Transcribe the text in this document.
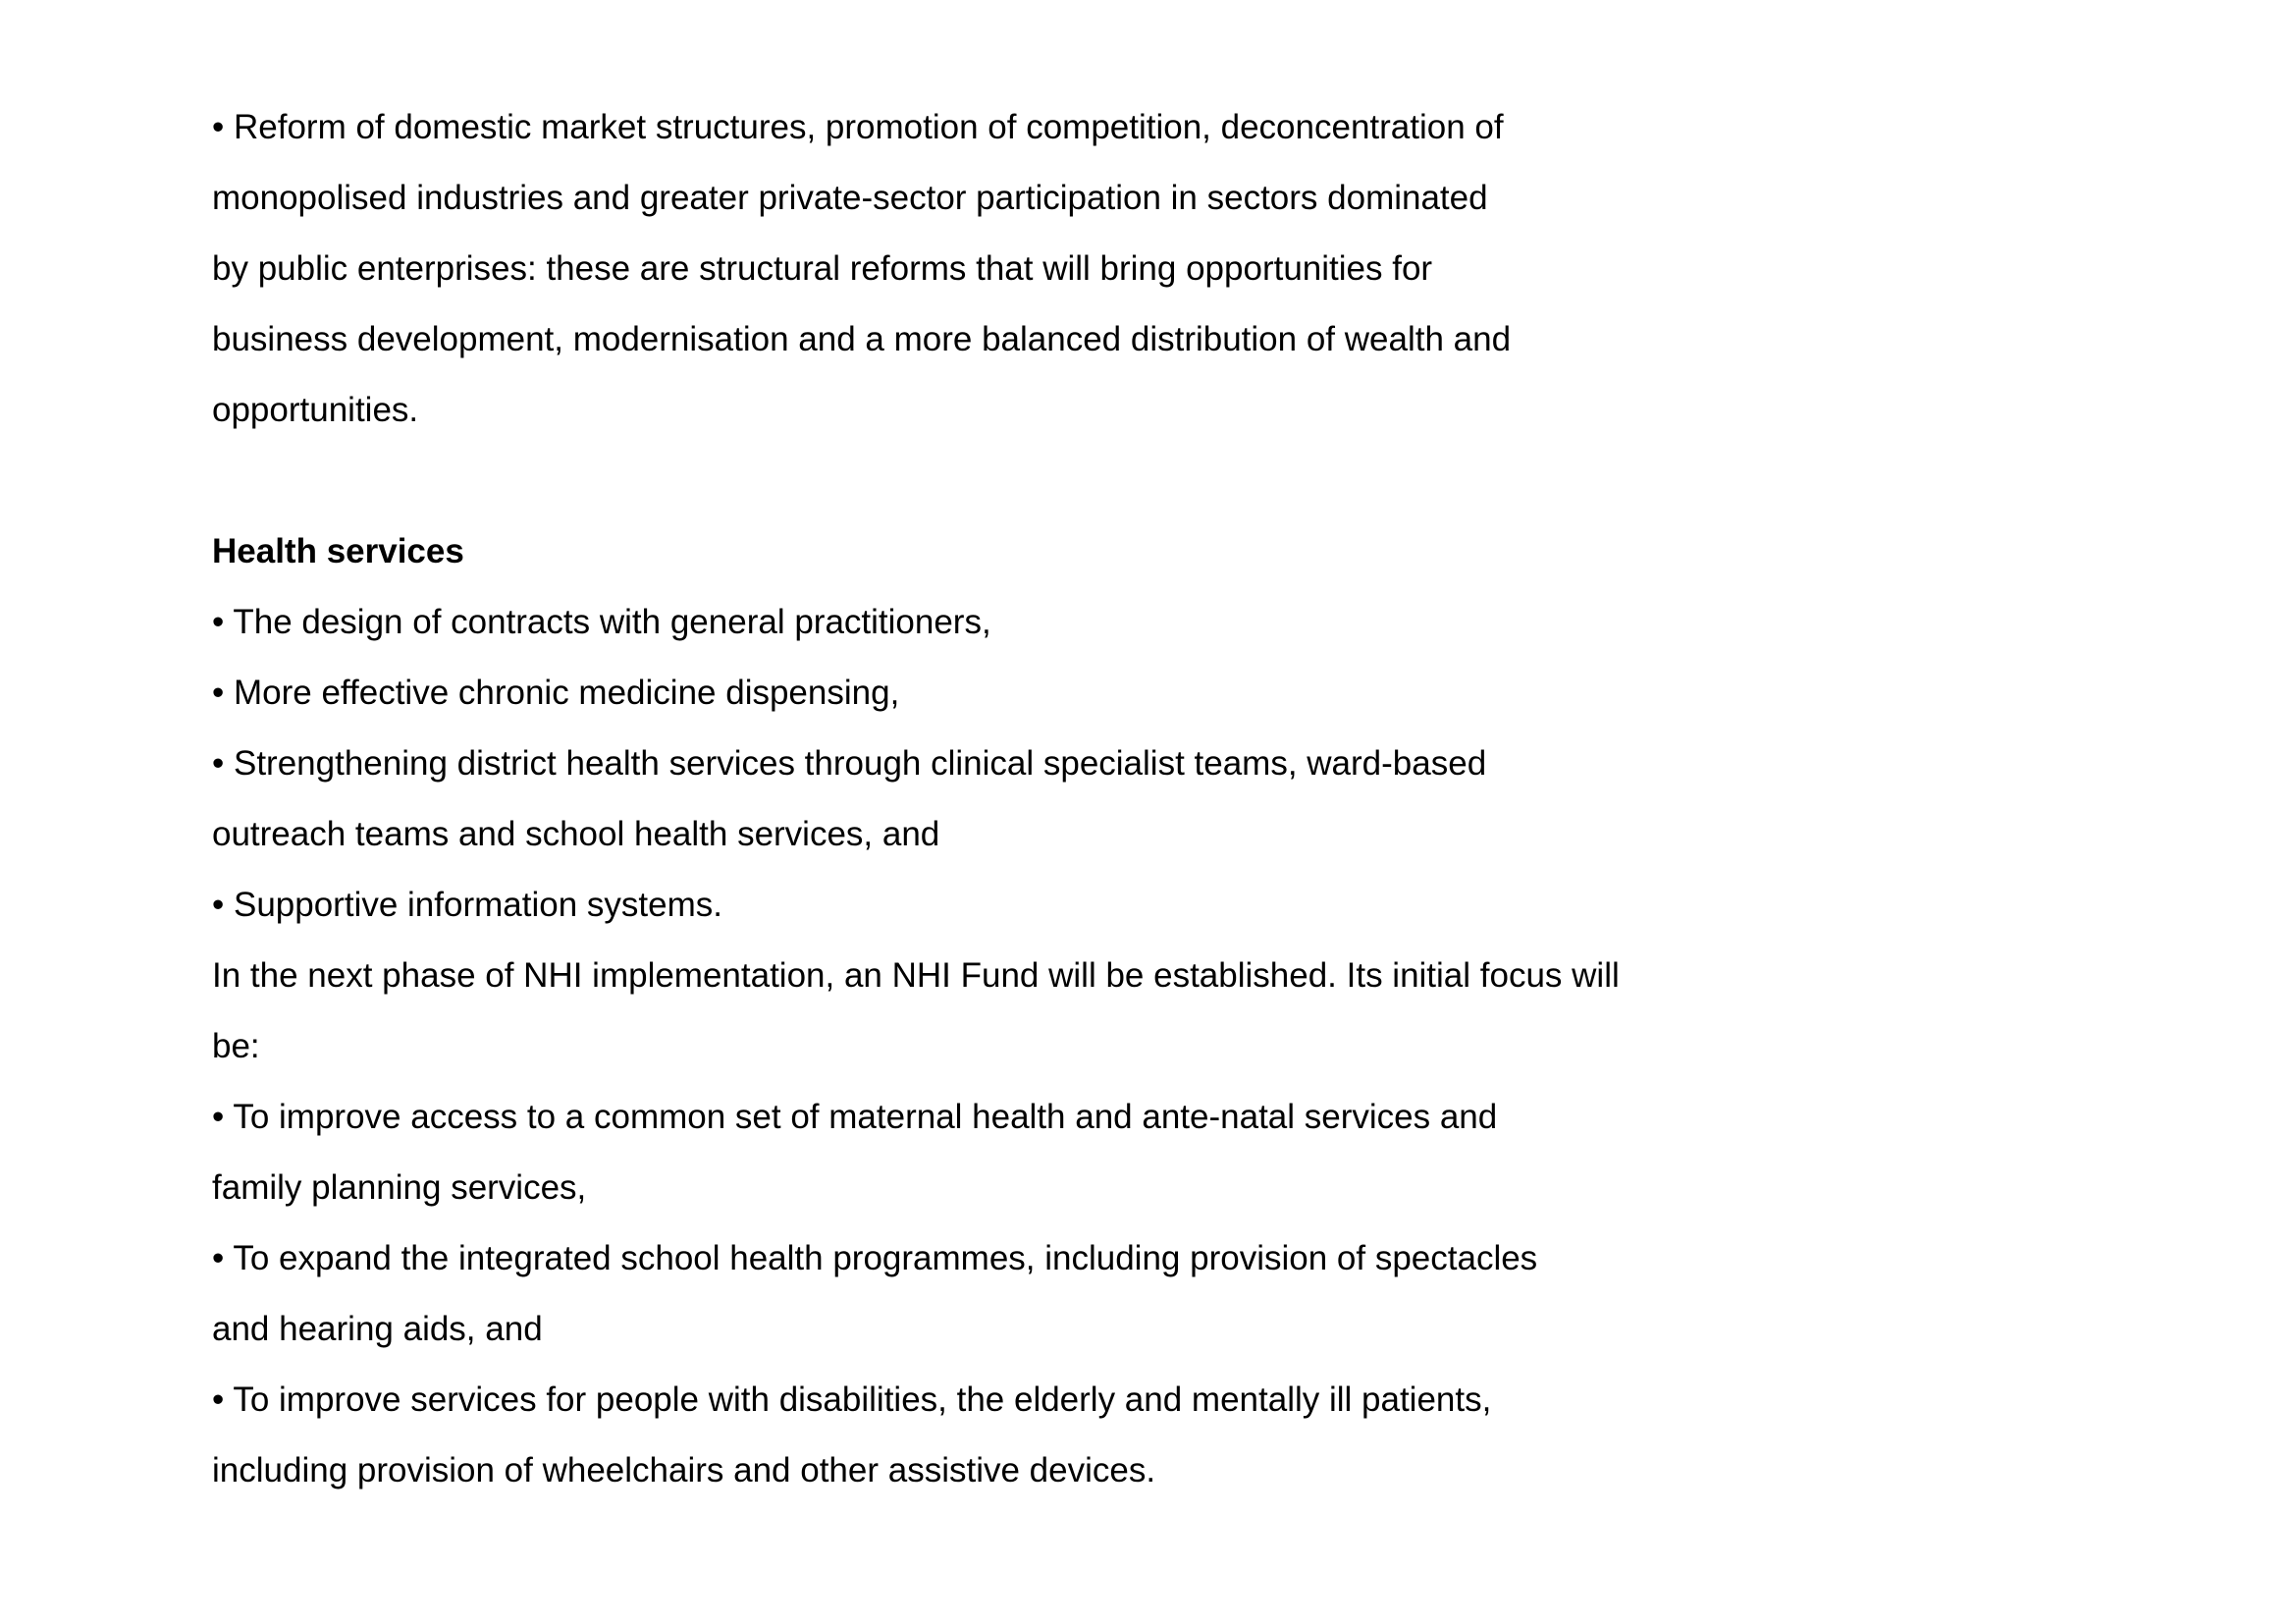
• Reform of domestic market structures, promotion of competition, deconcentration of
monopolised industries and greater private-sector participation in sectors dominated
by public enterprises: these are structural reforms that will bring opportunities for
business development, modernisation and a more balanced distribution of wealth and
opportunities.
Health services
• The design of contracts with general practitioners,
• More effective chronic medicine dispensing,
• Strengthening district health services through clinical specialist teams, ward-based
outreach teams and school health services, and
• Supportive information systems.
In the next phase of NHI implementation, an NHI Fund will be established. Its initial focus will
be:
• To improve access to a common set of maternal health and ante-natal services and
family planning services,
• To expand the integrated school health programmes, including provision of spectacles
and hearing aids, and
• To improve services for people with disabilities, the elderly and mentally ill patients,
including provision of wheelchairs and other assistive devices.
